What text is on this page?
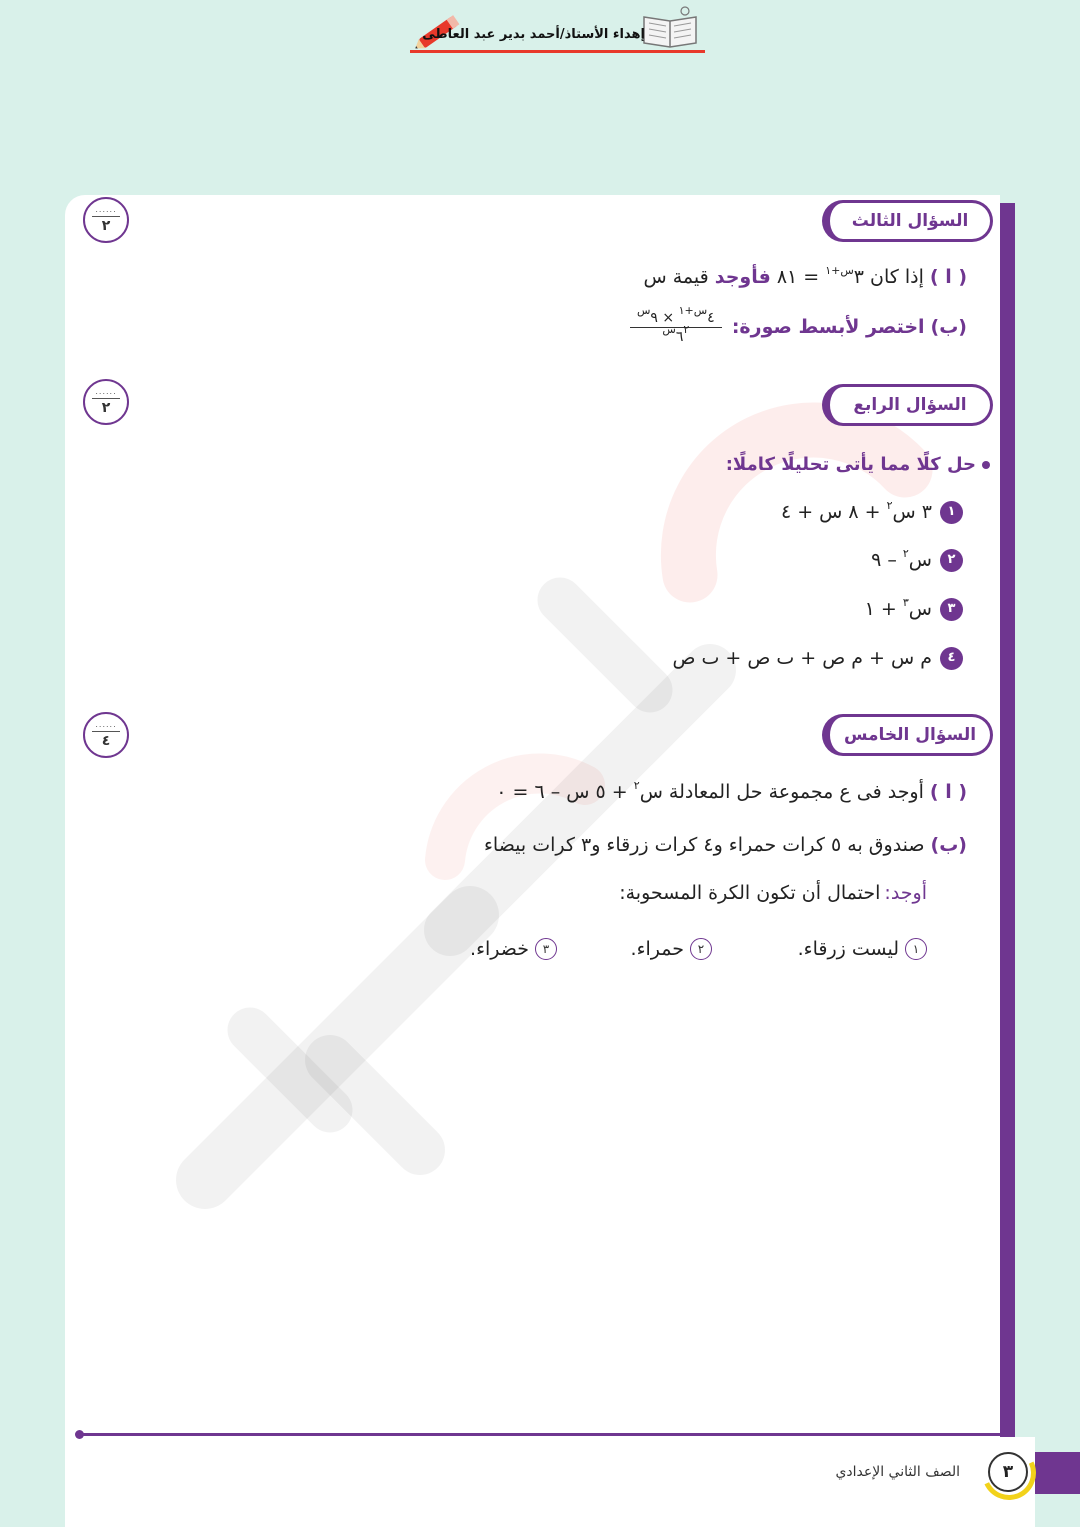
إهداء الأستاذ/أحمد بدير عبد العاطى
السؤال الثالث
......
٢
( ا )
إذا كان $٣^{س+١}$
= ٨١
فأوجد
قيمة س
(ب)
اختصر لأبسط صورة:
$\frac{٤^{س+١} \times ٩^س}{٦^{٢س}}$
السؤال الرابع
......
٢
حل كلًا مما يأتى تحليلًا كاملًا:
١
٣ س$^٢$ + ٨ س + ٤
٢
س$^٢$ – ٩
٣
س$^٣$ + ١
٤
م س + م ص + ٮ ص + ٮ ص
السؤال الخامس
......
٤
( ا )
أوجد فى ع مجموعة حل المعادلة س$^٢$ + ٥ س – ٦ = ٠
(ب)
صندوق به ٥ كرات حمراء و٤ كرات زرقاء و٣ كرات بيضاء
أوجد:
احتمال أن تكون الكرة المسحوبة:
١
ليست زرقاء.
٢
حمراء.
٣
خضراء.
الصف الثاني الإعدادي	٣
